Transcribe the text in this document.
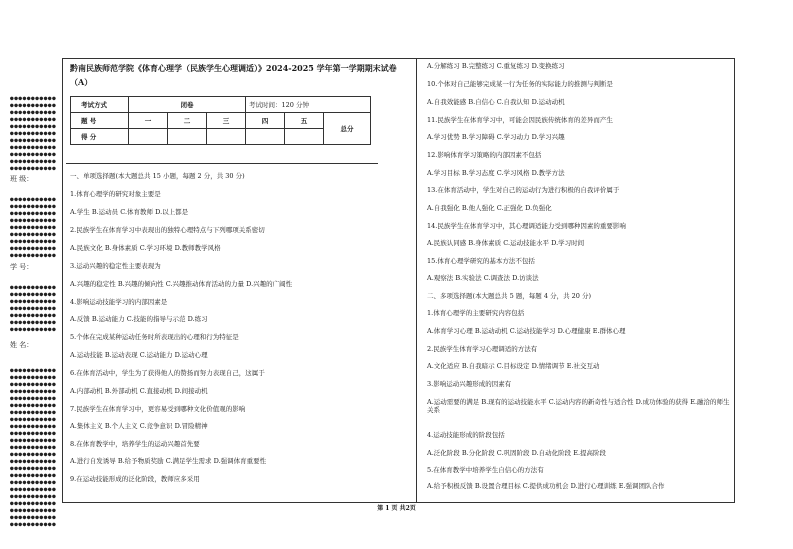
●●●●●●●●●●●
●●●●●●●●●●●
●●●●●●●●●●●
●●●●●●●●●●●
●●●●●●●●●●●
●●●●●●●●●●●
●●●●●●●●●●●
●●●●●●●●●●●
●●●●●●●●●●●
●●●●●●●●●●●
●●●●●●●●●●●
●●●●●●●●●●●
●●●●●●●●●●●
●●●●●●●●●●●
●●●●●●●●●●●
●●●●●●●●●●●
●●●●●●●●●●●
●●●●●●●●●●●
●●●●●●●●●●●
●●●●●●●●●●●
●●●●●●●●●●●
●●●●●●●●●●●
●●●●●●●●●●●
●●●●●●●●●●●
●●●●●●●●●●●
●●●●●●●●●●●
●●●●●●●●●●●
●●●●●●●●●●●
●●●●●●●●●●●
●●●●●●●●●●●
●●●●●●●●●●●
●●●●●●●●●●●
●●●●●●●●●●●
●●●●●●●●●●●
●●●●●●●●●●●
●●●●●●●●●●●
●●●●●●●●●●●
●●●●●●●●●●●
●●●●●●●●●●●
●●●●●●●●●●●
●●●●●●●●●●●
●●●●●●●●●●●
●●●●●●●●●●●
●●●●●●●●●●●
●●●●●●●●●●●
●●●●●●●●●●●
●●●●●●●●●●●
●●●●●●●●●●●
●●●●●●●●●●●
●●●●●●●●●●●
班 级：
学 号：
姓 名：
黔南民族师范学院《体育心理学（民族学生心理调适）》2024-2025 学年第一学期期末试卷（A）
考试方式	闭卷			考试时间：120 分钟		
题 号	一	二	三	四	五	总分
得 分						
一、单项选择题(本大题总共 15 小题，每题 2 分，共 30 分)
1.体育心理学的研究对象主要是
A.学生 B.运动员 C.体育教师 D.以上都是
2.民族学生在体育学习中表现出的独特心理特点与下列哪项关系密切
A.民族文化 B.身体素质 C.学习环境 D.教师教学风格
3.运动兴趣的稳定性主要表现为
A.兴趣的稳定性 B.兴趣的倾向性 C.兴趣推动体育活动的力量 D.兴趣的广阔性
4.影响运动技能学习的内部因素是
A.反馈 B.运动能力 C.技能的指导与示范 D.练习
5.个体在完成某种运动任务时所表现出的心理和行为特征是
A.运动技能 B.运动表现 C.运动能力 D.运动心理
6.在体育活动中，学生为了获得他人的赞扬而努力表现自己，这属于
A.内部动机 B.外部动机 C.直接动机 D.间接动机
7.民族学生在体育学习中，更容易受到哪种文化价值观的影响
A.集体主义 B.个人主义 C.竞争意识 D.冒险精神
8.在体育教学中，培养学生的运动兴趣首先要
A.进行自发诱导 B.给予物质奖励 C.满足学生需求 D.强调体育重要性
9.在运动技能形成的泛化阶段，教师应多采用
A.分解练习 B.完整练习 C.重复练习 D.变换练习
10.个体对自己能够完成某一行为任务的实际能力的推测与判断是
A.自我效能感 B.自信心 C.自我认知 D.运动动机
11.民族学生在体育学习中，可能会因民族传统体育的差异而产生
A.学习优势 B.学习障碍 C.学习动力 D.学习兴趣
12.影响体育学习策略的内部因素不包括
A.学习目标 B.学习态度 C.学习风格 D.教学方法
13.在体育活动中，学生对自己的运动行为进行积极的自我评价属于
A.自我强化 B.他人强化 C.正强化 D.负强化
14.民族学生在体育学习中，其心理调适能力受到哪种因素的重要影响
A.民族认同感 B.身体素质 C.运动技能水平 D.学习时间
15.体育心理学研究的基本方法不包括
A.观察法 B.实验法 C.调查法 D.访谈法
二、多项选择题(本大题总共 5 题，每题 4 分，共 20 分)
1.体育心理学的主要研究内容包括
A.体育学习心理 B.运动动机 C.运动技能学习 D.心理健康 E.群体心理
2.民族学生体育学习心理调适的方法有
A.文化适应 B.自我暗示 C.目标设定 D.情绪调节 E.社交互动
3.影响运动兴趣形成的因素有
A.运动需要的满足 B.现有的运动技能水平 C.运动内容的新奇性与适合性 D.成功体验的获得 E.融洽的师生关系
4.运动技能形成的阶段包括
A.泛化阶段 B.分化阶段 C.巩固阶段 D.自动化阶段 E.提高阶段
5.在体育教学中培养学生自信心的方法有
A.给予积极反馈 B.设置合理目标 C.提供成功机会 D.进行心理训练 E.强调团队合作
第 1 页 共2页
